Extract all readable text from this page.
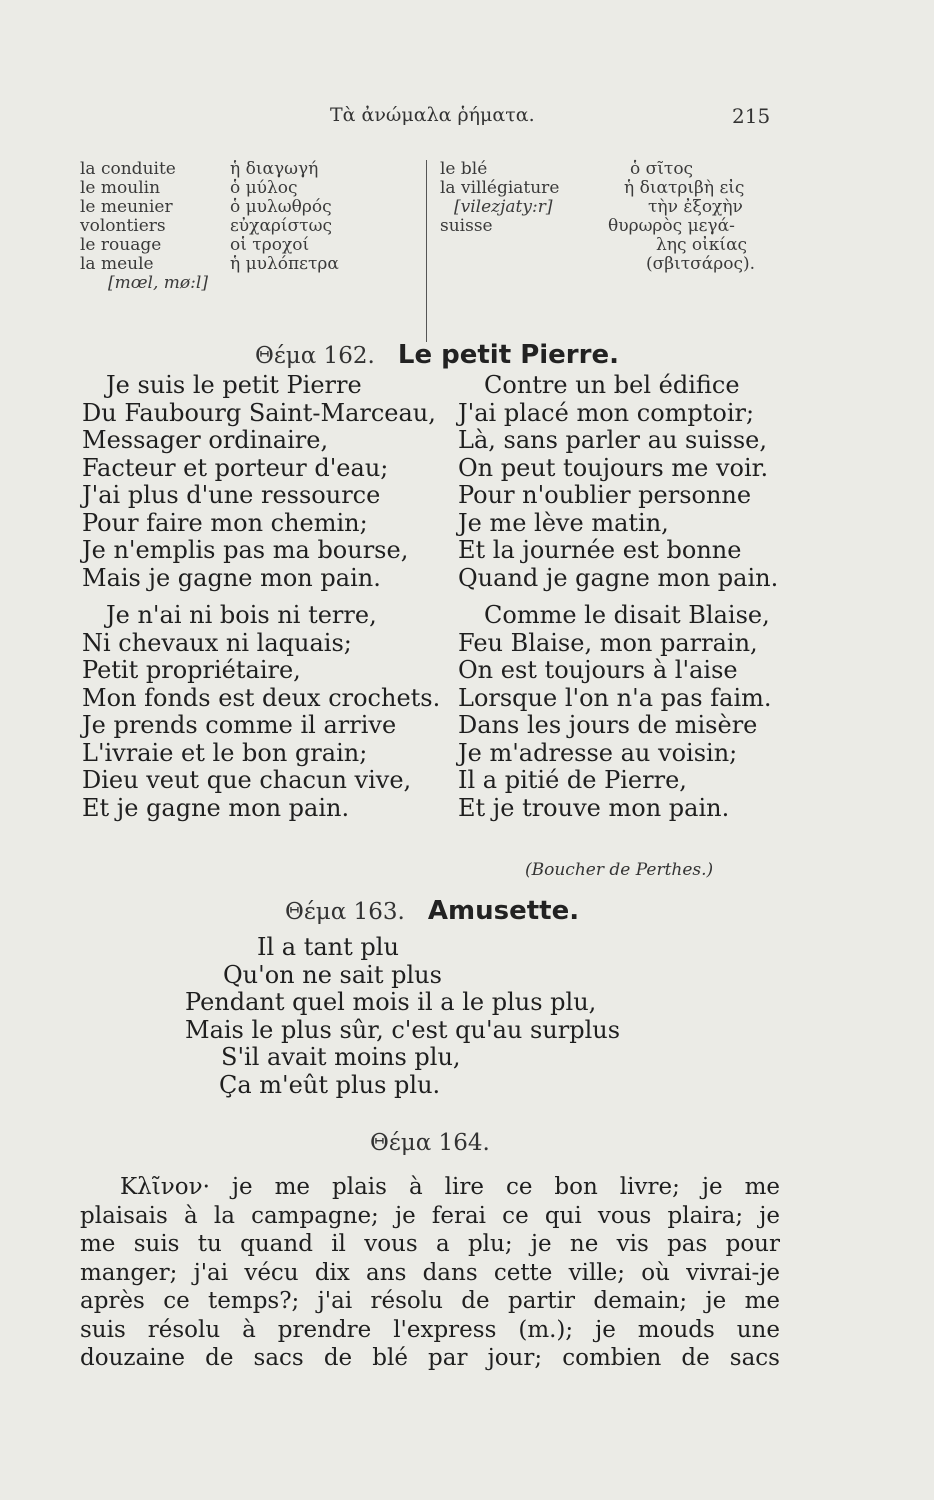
Τὰ ἀνώμαλα ῥήματα.	215
la conduite
le moulin
le meunier
volontiers
le rouage
la meule
[mœl, mø:l]
ἡ διαγωγή
ὁ μύλος
ὁ μυλωθρός
εὐχαρίστως
οἱ τροχοί
ἡ μυλόπετρα
le blé
la villégiature
[vilezjaty:r]
suisse
ὁ σῖτος
ἡ διατριβὴ εἰς
τὴν ἐξοχὴν
θυρωρὸς μεγά-
λης οἰκίας
(σβιτσάρος).
Θέμα 162. Le petit Pierre.
Je suis le petit Pierre
Du Faubourg Saint-Marceau,
Messager ordinaire,
Facteur et porteur d'eau;
J'ai plus d'une ressource
Pour faire mon chemin;
Je n'emplis pas ma bourse,
Mais je gagne mon pain.
Je n'ai ni bois ni terre,
Ni chevaux ni laquais;
Petit propriétaire,
Mon fonds est deux crochets.
Je prends comme il arrive
L'ivraie et le bon grain;
Dieu veut que chacun vive,
Et je gagne mon pain.
Contre un bel édifice
J'ai placé mon comptoir;
Là, sans parler au suisse,
On peut toujours me voir.
Pour n'oublier personne
Je me lève matin,
Et la journée est bonne
Quand je gagne mon pain.
Comme le disait Blaise,
Feu Blaise, mon parrain,
On est toujours à l'aise
Lorsque l'on n'a pas faim.
Dans les jours de misère
Je m'adresse au voisin;
Il a pitié de Pierre,
Et je trouve mon pain.
(Boucher de Perthes.)
Θέμα 163. Amusette.
Il a tant plu
Qu'on ne sait plus
Pendant quel mois il a le plus plu,
Mais le plus sûr, c'est qu'au surplus
S'il avait moins plu,
Ça m'eût plus plu.
Θέμα 164.
Κλῖνον· je me plais à lire ce bon livre; je me
plaisais à la campagne; je ferai ce qui vous plaira; je
me suis tu quand il vous a plu; je ne vis pas pour
manger; j'ai vécu dix ans dans cette ville; où vivrai-je
après ce temps?; j'ai résolu de partir demain; je me
suis résolu à prendre l'express (m.); je mouds une
douzaine de sacs de blé par jour; combien de sacs
